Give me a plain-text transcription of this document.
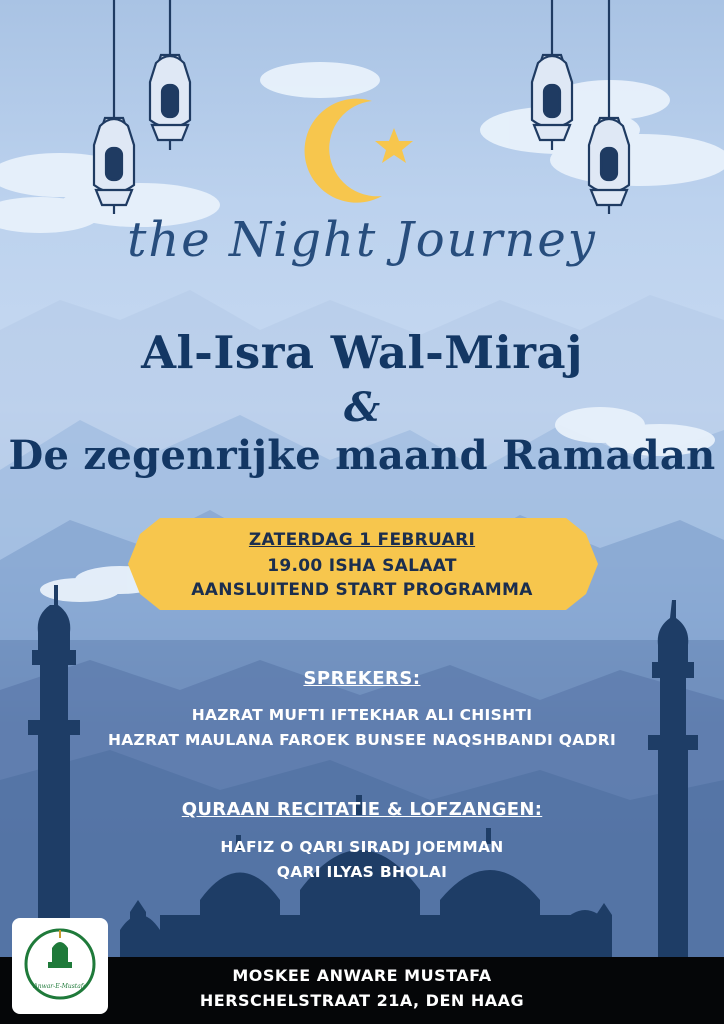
the Night Journey
Al-Isra Wal-Miraj
&
De zegenrijke maand Ramadan
ZATERDAG 1 FEBRUARI
19.00 ISHA SALAAT
AANSLUITEND START PROGRAMMA
SPREKERS:
HAZRAT MUFTI IFTEKHAR ALI CHISHTI
HAZRAT MAULANA FAROEK BUNSEE NAQSHBANDI QADRI
QURAAN RECITATIE & LOFZANGEN:
HAFIZ O QARI SIRADJ JOEMMAN
QARI ILYAS BHOLAI
MOSKEE ANWARE MUSTAFA
HERSCHELSTRAAT 21A, DEN HAAG
Anwar-E-Mustafa
